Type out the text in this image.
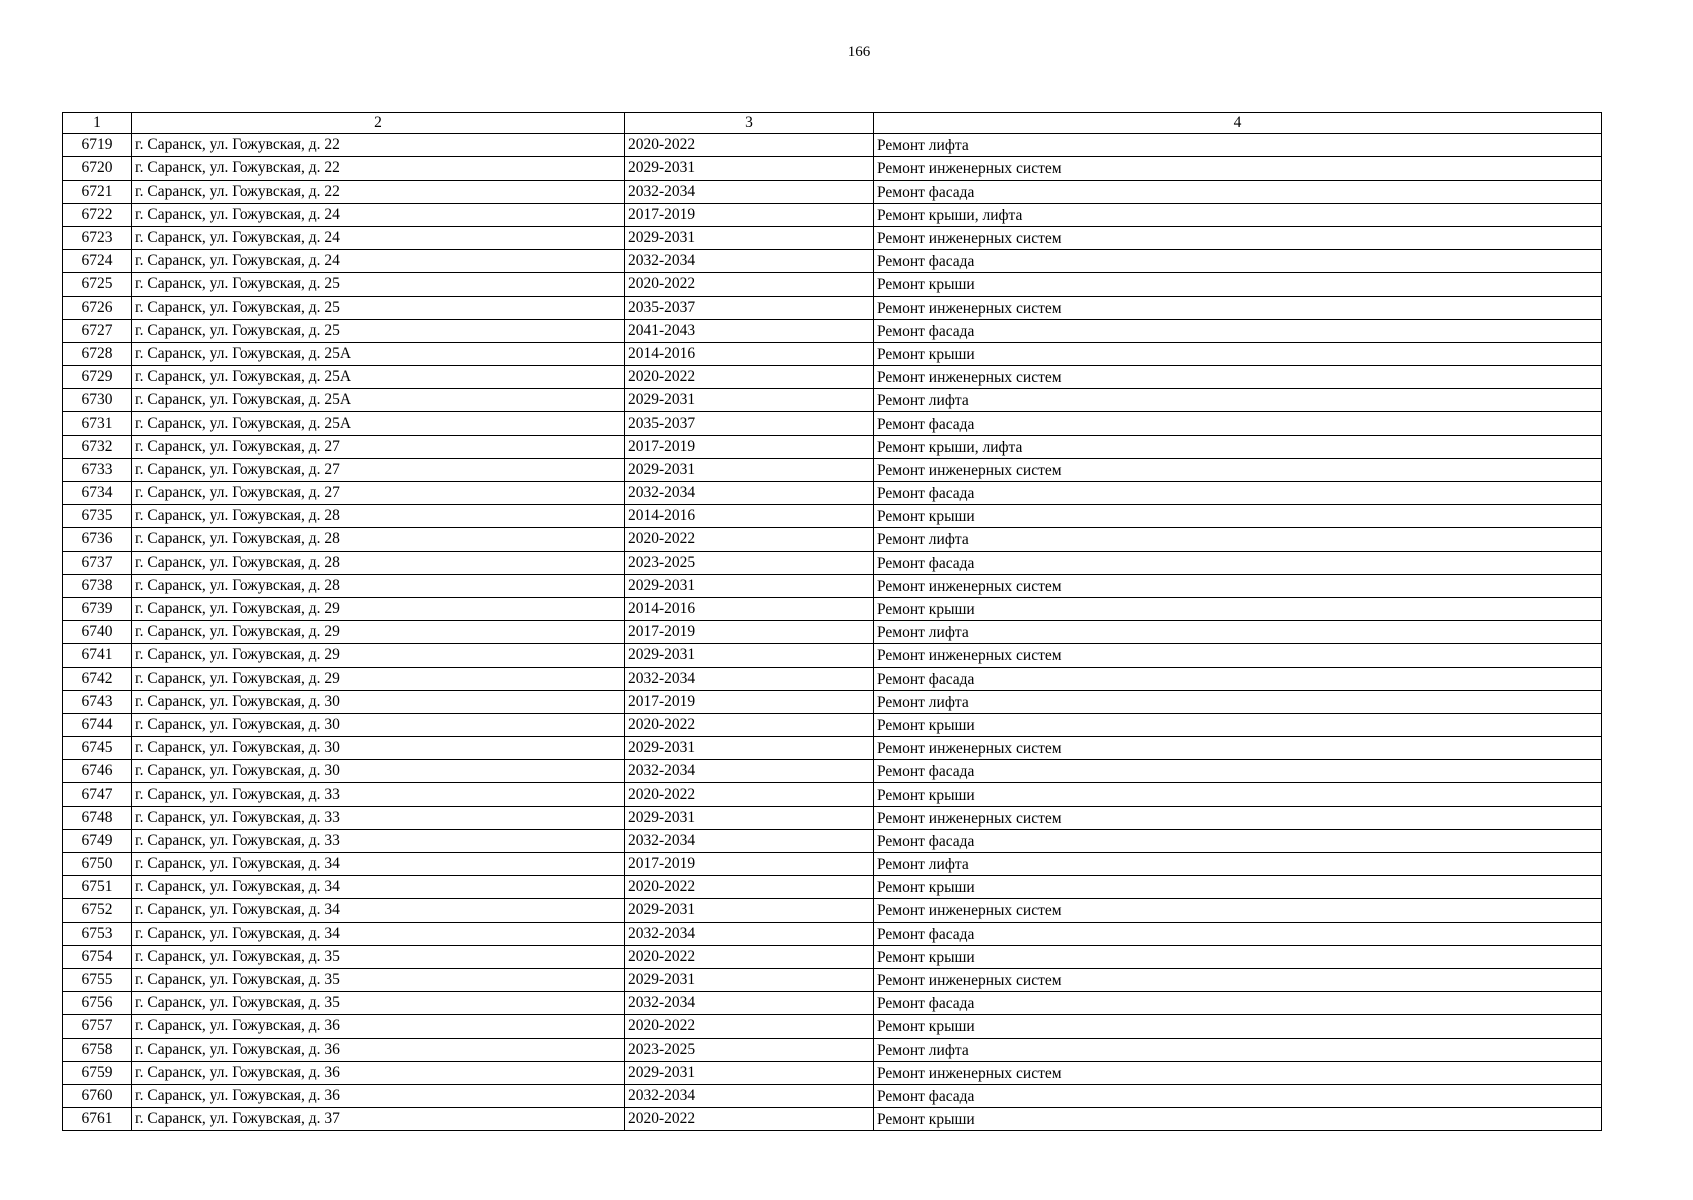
166
1	2	3	4
6719	г. Саранск, ул. Гожувская, д. 22	2020-2022	Ремонт лифта
6720	г. Саранск, ул. Гожувская, д. 22	2029-2031	Ремонт инженерных систем
6721	г. Саранск, ул. Гожувская, д. 22	2032-2034	Ремонт фасада
6722	г. Саранск, ул. Гожувская, д. 24	2017-2019	Ремонт крыши, лифта
6723	г. Саранск, ул. Гожувская, д. 24	2029-2031	Ремонт инженерных систем
6724	г. Саранск, ул. Гожувская, д. 24	2032-2034	Ремонт фасада
6725	г. Саранск, ул. Гожувская, д. 25	2020-2022	Ремонт крыши
6726	г. Саранск, ул. Гожувская, д. 25	2035-2037	Ремонт инженерных систем
6727	г. Саранск, ул. Гожувская, д. 25	2041-2043	Ремонт фасада
6728	г. Саранск, ул. Гожувская, д. 25А	2014-2016	Ремонт крыши
6729	г. Саранск, ул. Гожувская, д. 25А	2020-2022	Ремонт инженерных систем
6730	г. Саранск, ул. Гожувская, д. 25А	2029-2031	Ремонт лифта
6731	г. Саранск, ул. Гожувская, д. 25А	2035-2037	Ремонт фасада
6732	г. Саранск, ул. Гожувская, д. 27	2017-2019	Ремонт крыши, лифта
6733	г. Саранск, ул. Гожувская, д. 27	2029-2031	Ремонт инженерных систем
6734	г. Саранск, ул. Гожувская, д. 27	2032-2034	Ремонт фасада
6735	г. Саранск, ул. Гожувская, д. 28	2014-2016	Ремонт крыши
6736	г. Саранск, ул. Гожувская, д. 28	2020-2022	Ремонт лифта
6737	г. Саранск, ул. Гожувская, д. 28	2023-2025	Ремонт фасада
6738	г. Саранск, ул. Гожувская, д. 28	2029-2031	Ремонт инженерных систем
6739	г. Саранск, ул. Гожувская, д. 29	2014-2016	Ремонт крыши
6740	г. Саранск, ул. Гожувская, д. 29	2017-2019	Ремонт лифта
6741	г. Саранск, ул. Гожувская, д. 29	2029-2031	Ремонт инженерных систем
6742	г. Саранск, ул. Гожувская, д. 29	2032-2034	Ремонт фасада
6743	г. Саранск, ул. Гожувская, д. 30	2017-2019	Ремонт лифта
6744	г. Саранск, ул. Гожувская, д. 30	2020-2022	Ремонт крыши
6745	г. Саранск, ул. Гожувская, д. 30	2029-2031	Ремонт инженерных систем
6746	г. Саранск, ул. Гожувская, д. 30	2032-2034	Ремонт фасада
6747	г. Саранск, ул. Гожувская, д. 33	2020-2022	Ремонт крыши
6748	г. Саранск, ул. Гожувская, д. 33	2029-2031	Ремонт инженерных систем
6749	г. Саранск, ул. Гожувская, д. 33	2032-2034	Ремонт фасада
6750	г. Саранск, ул. Гожувская, д. 34	2017-2019	Ремонт лифта
6751	г. Саранск, ул. Гожувская, д. 34	2020-2022	Ремонт крыши
6752	г. Саранск, ул. Гожувская, д. 34	2029-2031	Ремонт инженерных систем
6753	г. Саранск, ул. Гожувская, д. 34	2032-2034	Ремонт фасада
6754	г. Саранск, ул. Гожувская, д. 35	2020-2022	Ремонт крыши
6755	г. Саранск, ул. Гожувская, д. 35	2029-2031	Ремонт инженерных систем
6756	г. Саранск, ул. Гожувская, д. 35	2032-2034	Ремонт фасада
6757	г. Саранск, ул. Гожувская, д. 36	2020-2022	Ремонт крыши
6758	г. Саранск, ул. Гожувская, д. 36	2023-2025	Ремонт лифта
6759	г. Саранск, ул. Гожувская, д. 36	2029-2031	Ремонт инженерных систем
6760	г. Саранск, ул. Гожувская, д. 36	2032-2034	Ремонт фасада
6761	г. Саранск, ул. Гожувская, д. 37	2020-2022	Ремонт крыши
